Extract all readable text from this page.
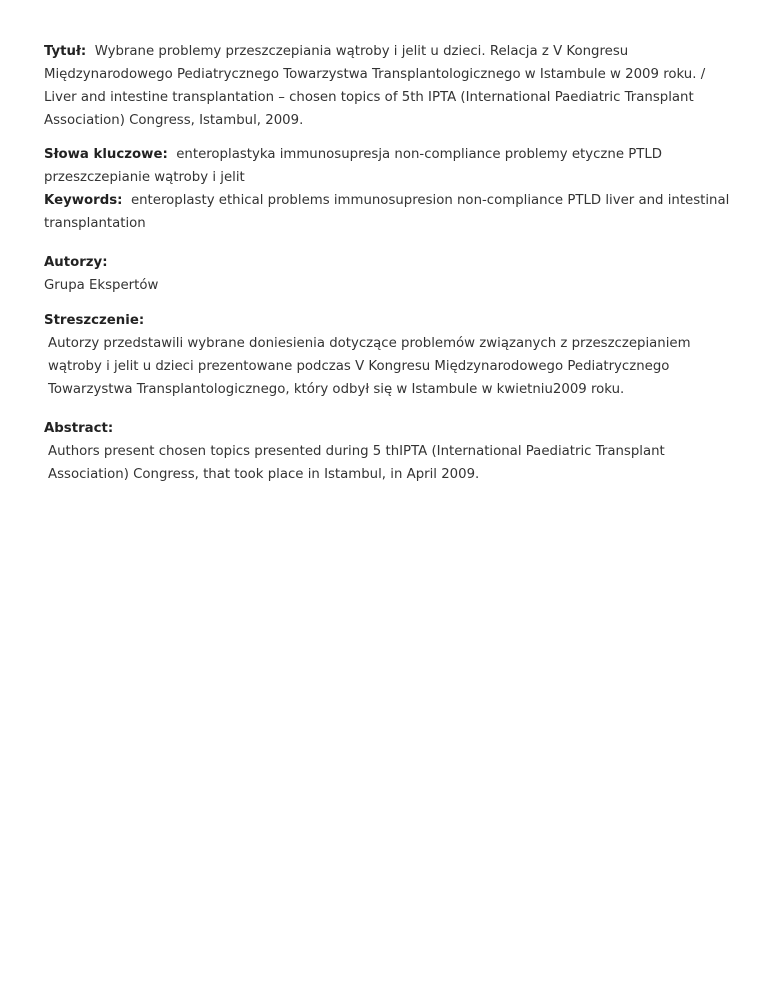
Tytuł: Wybrane problemy przeszczepiania wątroby i jelit u dzieci. Relacja z V Kongresu Międzynarodowego Pediatrycznego Towarzystwa Transplantologicznego w Istambule w 2009 roku. / Liver and intestine transplantation – chosen topics of 5th IPTA (International Paediatric Transplant Association) Congress, Istambul, 2009.

Słowa kluczowe: enteroplastyka immunosupresja non-compliance problemy etyczne PTLD przeszczepianie wątroby i jelit

Keywords: enteroplasty ethical problems immunosupresion non-compliance PTLD liver and intestinal transplantation

Autorzy:

Grupa Ekspertów

Streszczenie:

Autorzy przedstawili wybrane doniesienia dotyczące problemów związanych z przeszczepianiem wątroby i jelit u dzieci prezentowane podczas V Kongresu Międzynarodowego Pediatrycznego Towarzystwa Transplantologicznego, który odbył się w Istambule w kwietniu2009 roku.

Abstract:

Authors present chosen topics presented during 5 thIPTA (International Paediatric Transplant Association) Congress, that took place in Istambul, in April 2009.
